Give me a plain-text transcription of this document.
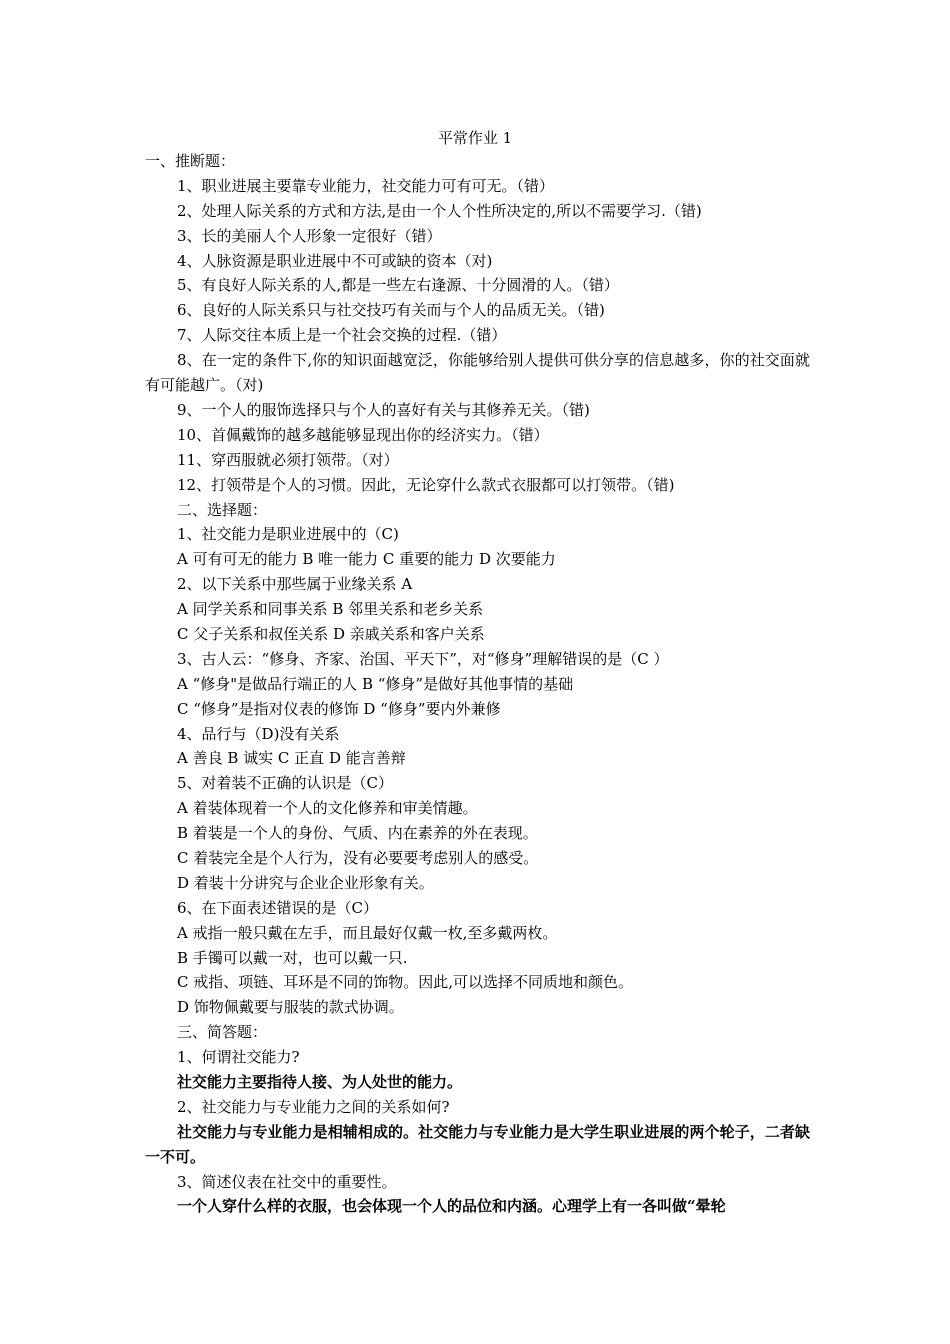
平常作业 1
一、推断题：
1、职业进展主要靠专业能力，社交能力可有可无。（错）
2、处理人际关系的方式和方法,是由一个人个性所决定的,所以不需要学习.（错)
3、长的美丽人个人形象一定很好（错）
4、人脉资源是职业进展中不可或缺的资本（对)
5、有良好人际关系的人,都是一些左右逢源、十分圆滑的人。（错）
6、良好的人际关系只与社交技巧有关而与个人的品质无关。（错)
7、人际交往本质上是一个社会交换的过程.（错）
8、在一定的条件下,你的知识面越宽泛，你能够给别人提供可供分享的信息越多，你的社交面就有可能越广。（对)
9、一个人的服饰选择只与个人的喜好有关与其修养无关。（错)
10、首佩戴饰的越多越能够显现出你的经济实力。（错）
11、穿西服就必须打领带。（对）
12、打领带是个人的习惯。因此，无论穿什么款式衣服都可以打领带。（错)
二、选择题：
1、社交能力是职业进展中的（C)
A 可有可无的能力 B 唯一能力 C 重要的能力 D 次要能力
2、以下关系中那些属于业缘关系 A
A 同学关系和同事关系 B 邻里关系和老乡关系
C 父子关系和叔侄关系 D 亲戚关系和客户关系
3、古人云：“修身、齐家、治国、平天下”，对“修身”理解错误的是（C ）
A “修身"是做品行端正的人 B “修身”是做好其他事情的基础
C “修身”是指对仪表的修饰 D “修身”要内外兼修
4、品行与（D)没有关系
A 善良 B 诚实 C 正直 D 能言善辩
5、对着装不正确的认识是（C）
A 着装体现着一个人的文化修养和审美情趣。
B 着装是一个人的身份、气质、内在素养的外在表现。
C 着装完全是个人行为，没有必要要考虑别人的感受。
D 着装十分讲究与企业企业形象有关。
6、在下面表述错误的是（C）
A 戒指一般只戴在左手，而且最好仅戴一枚,至多戴两枚。
B 手镯可以戴一对，也可以戴一只.
C 戒指、项链、耳环是不同的饰物。因此,可以选择不同质地和颜色。
D 饰物佩戴要与服装的款式协调。
三、简答题：
1、何谓社交能力?
社交能力主要指待人接、为人处世的能力。
2、社交能力与专业能力之间的关系如何?
社交能力与专业能力是相辅相成的。社交能力与专业能力是大学生职业进展的两个轮子，二者缺一不可。
3、简述仪表在社交中的重要性。
一个人穿什么样的衣服，也会体现一个人的品位和内涵。心理学上有一各叫做“晕轮
